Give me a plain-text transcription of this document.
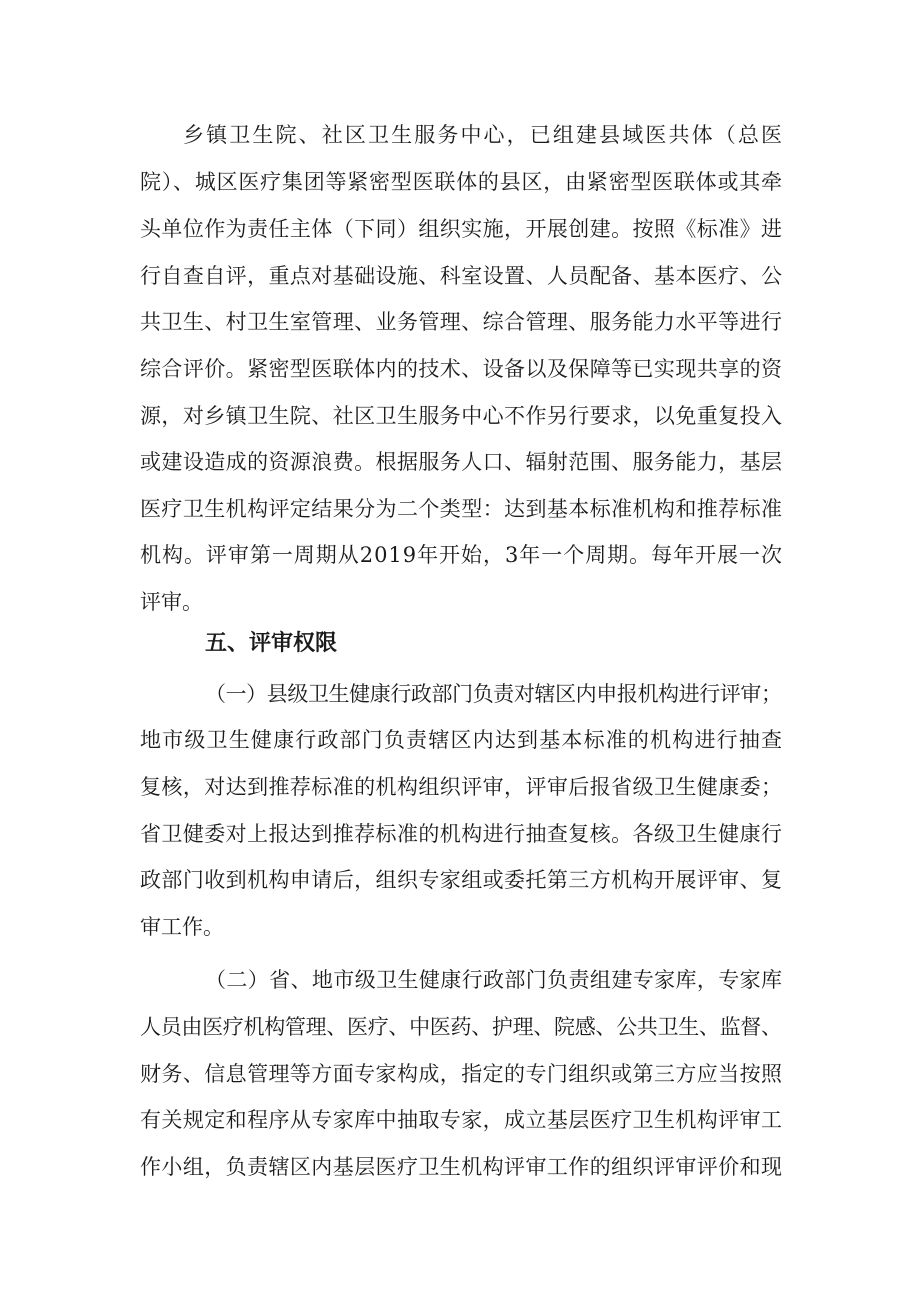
乡镇卫生院、社区卫生服务中心，已组建县域医共体（总医
院）、城区医疗集团等紧密型医联体的县区，由紧密型医联体或其牵
头单位作为责任主体（下同）组织实施，开展创建。按照《标准》进
行自查自评，重点对基础设施、科室设置、人员配备、基本医疗、公
共卫生、村卫生室管理、业务管理、综合管理、服务能力水平等进行
综合评价。紧密型医联体内的技术、设备以及保障等已实现共享的资
源，对乡镇卫生院、社区卫生服务中心不作另行要求，以免重复投入
或建设造成的资源浪费。根据服务人口、辐射范围、服务能力，基层
医疗卫生机构评定结果分为二个类型：达到基本标准机构和推荐标准
机构。评审第一周期从2019年开始，3年一个周期。每年开展一次
评审。
五、评审权限
（一）县级卫生健康行政部门负责对辖区内申报机构进行评审；
地市级卫生健康行政部门负责辖区内达到基本标准的机构进行抽查
复核，对达到推荐标准的机构组织评审，评审后报省级卫生健康委；
省卫健委对上报达到推荐标准的机构进行抽查复核。各级卫生健康行
政部门收到机构申请后，组织专家组或委托第三方机构开展评审、复
审工作。
（二）省、地市级卫生健康行政部门负责组建专家库，专家库
人员由医疗机构管理、医疗、中医药、护理、院感、公共卫生、监督、
财务、信息管理等方面专家构成，指定的专门组织或第三方应当按照
有关规定和程序从专家库中抽取专家，成立基层医疗卫生机构评审工
作小组，负责辖区内基层医疗卫生机构评审工作的组织评审评价和现
